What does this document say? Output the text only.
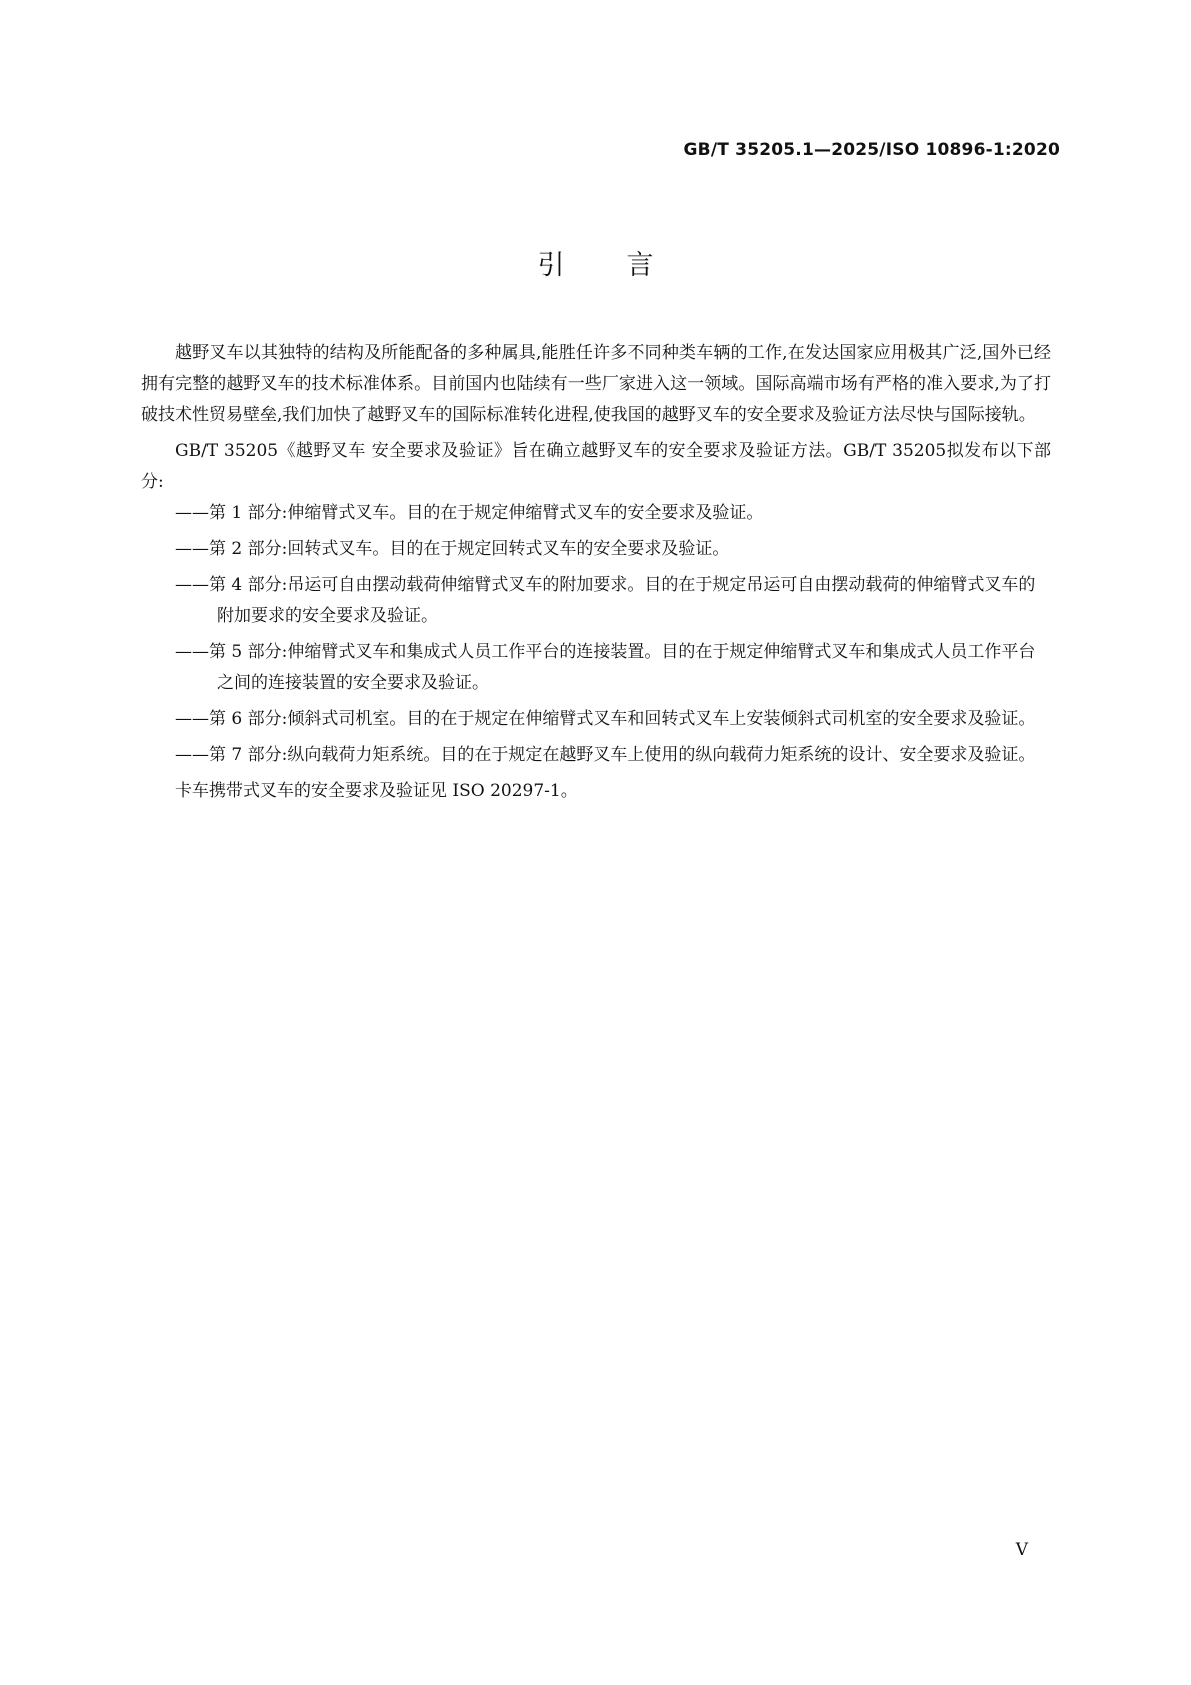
GB/T 35205.1—2025/ISO 10896-1:2020
引言

越野叉车以其独特的结构及所能配备的多种属具,能胜任许多不同种类车辆的工作,在发达国家应用极其广泛,国外已经拥有完整的越野叉车的技术标准体系。目前国内也陆续有一些厂家进入这一领域。国际高端市场有严格的准入要求,为了打破技术性贸易壁垒,我们加快了越野叉车的国际标准转化进程,使我国的越野叉车的安全要求及验证方法尽快与国际接轨。

GB/T 35205《越野叉车 安全要求及验证》旨在确立越野叉车的安全要求及验证方法。GB/T 35205拟发布以下部分:

——第 1 部分:伸缩臂式叉车。目的在于规定伸缩臂式叉车的安全要求及验证。

——第 2 部分:回转式叉车。目的在于规定回转式叉车的安全要求及验证。

——第 4 部分:吊运可自由摆动载荷伸缩臂式叉车的附加要求。目的在于规定吊运可自由摆动载荷的伸缩臂式叉车的附加要求的安全要求及验证。

——第 5 部分:伸缩臂式叉车和集成式人员工作平台的连接装置。目的在于规定伸缩臂式叉车和集成式人员工作平台之间的连接装置的安全要求及验证。

——第 6 部分:倾斜式司机室。目的在于规定在伸缩臂式叉车和回转式叉车上安装倾斜式司机室的安全要求及验证。

——第 7 部分:纵向载荷力矩系统。目的在于规定在越野叉车上使用的纵向载荷力矩系统的设计、安全要求及验证。

卡车携带式叉车的安全要求及验证见 ISO 20297-1。

V
